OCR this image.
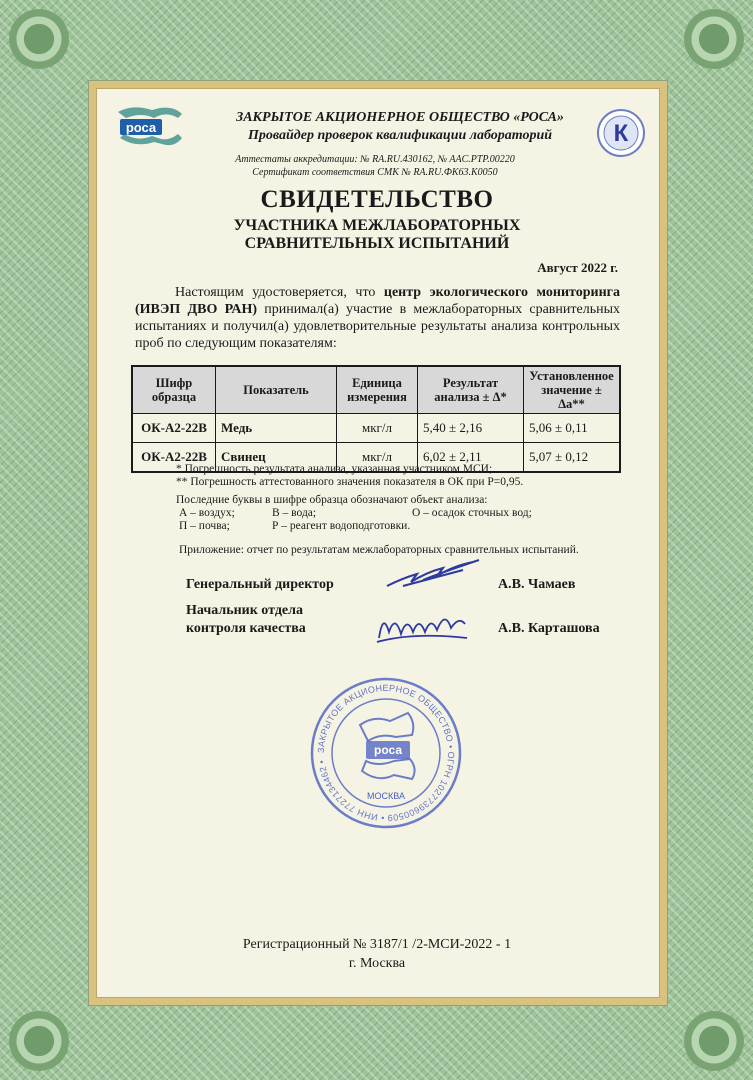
роса	К
ЗАКРЫТОЕ АКЦИОНЕРНОЕ ОБЩЕСТВО «РОСА»
Провайдер проверок квалификации лабораторий
Аттестаты аккредитации: № RA.RU.430162, № AAC.PTP.00220
Сертификат соответствия СМК № RA.RU.ФК63.К0050
СВИДЕТЕЛЬСТВО
УЧАСТНИКА МЕЖЛАБОРАТОРНЫХ
СРАВНИТЕЛЬНЫХ ИСПЫТАНИЙ
Август 2022 г.
Настоящим удостоверяется, что центр экологического мониторинга (ИВЭП ДВО РАН) принимал(а) участие в межлабораторных сравнительных испытаниях и получил(а) удовлетворительные результаты анализа контрольных проб по следующим показателям:
Шифр образца	Показатель	Единица измерения	Результат анализа ± Δ*	Установленное значение ± Δа**
ОК-А2-22В	Медь	мкг/л	5,40 ± 2,16	5,06 ± 0,11
ОК-А2-22В	Свинец	мкг/л	6,02 ± 2,11	5,07 ± 0,12
* Погрешность результата анализа, указанная участником МСИ;
** Погрешность аттестованного значения показателя в ОК при Р=0,95.
Последние буквы в шифре образца обозначают объект анализа:
А – воздух;	В – вода;	О – осадок сточных вод;
П – почва;	Р – реагент водоподготовки.
Приложение: отчет по результатам межлабораторных сравнительных испытаний.
Генеральный директор	А.В. Чамаев
Начальник отдела
контроля качества	А.В. Карташова
ЗАКРЫТОЕ АКЦИОНЕРНОЕ ОБЩЕСТВО • ОГРН 1027739600509 • ИНН 7727134462 •
роса
МОСКВА
Регистрационный № 3187/1 /2-МСИ-2022 - 1
г. Москва
